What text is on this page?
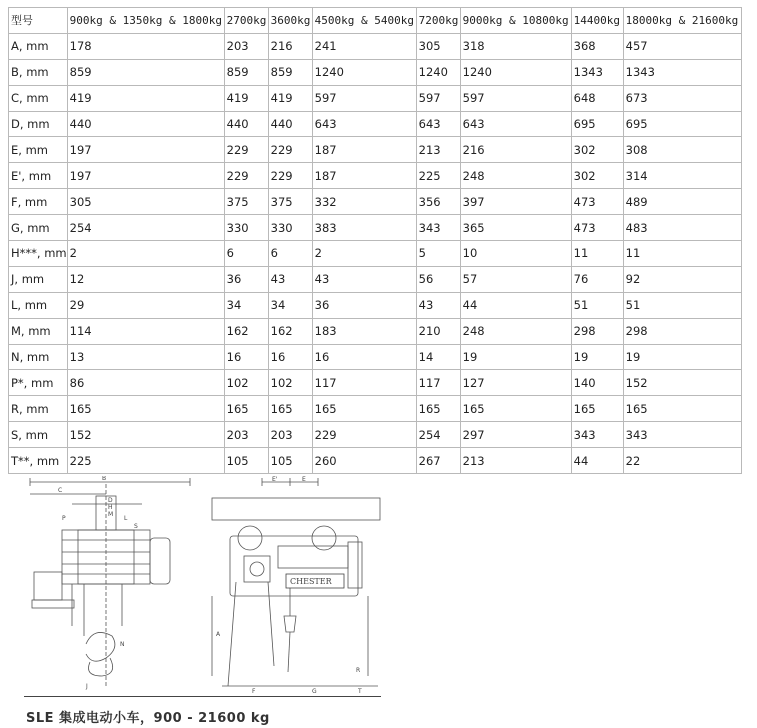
型号	900kg & 1350kg & 1800kg	2700kg	3600kg	4500kg & 5400kg	7200kg	9000kg & 10800kg	14400kg	18000kg & 21600kg
A, mm	178	203	216	241	305	318	368	457
B, mm	859	859	859	1240	1240	1240	1343	1343
C, mm	419	419	419	597	597	597	648	673
D, mm	440	440	440	643	643	643	695	695
E, mm	197	229	229	187	213	216	302	308
E', mm	197	229	229	187	225	248	302	314
F, mm	305	375	375	332	356	397	473	489
G, mm	254	330	330	383	343	365	473	483
H***, mm	2	6	6	2	5	10	11	11
J, mm	12	36	43	43	56	57	76	92
L, mm	29	34	34	36	43	44	51	51
M, mm	114	162	162	183	210	248	298	298
N, mm	13	16	16	16	14	19	19	19
P*, mm	86	102	102	117	117	127	140	152
R, mm	165	165	165	165	165	165	165	165
S, mm	152	203	203	229	254	297	343	343
T**, mm	225	105	105	260	267	213	44	22
B
C
D
H
M
L
P
S
N
J
E'	E
A
R
F	G	T
CHESTER
SLE 集成电动小车，900 - 21600 kg
